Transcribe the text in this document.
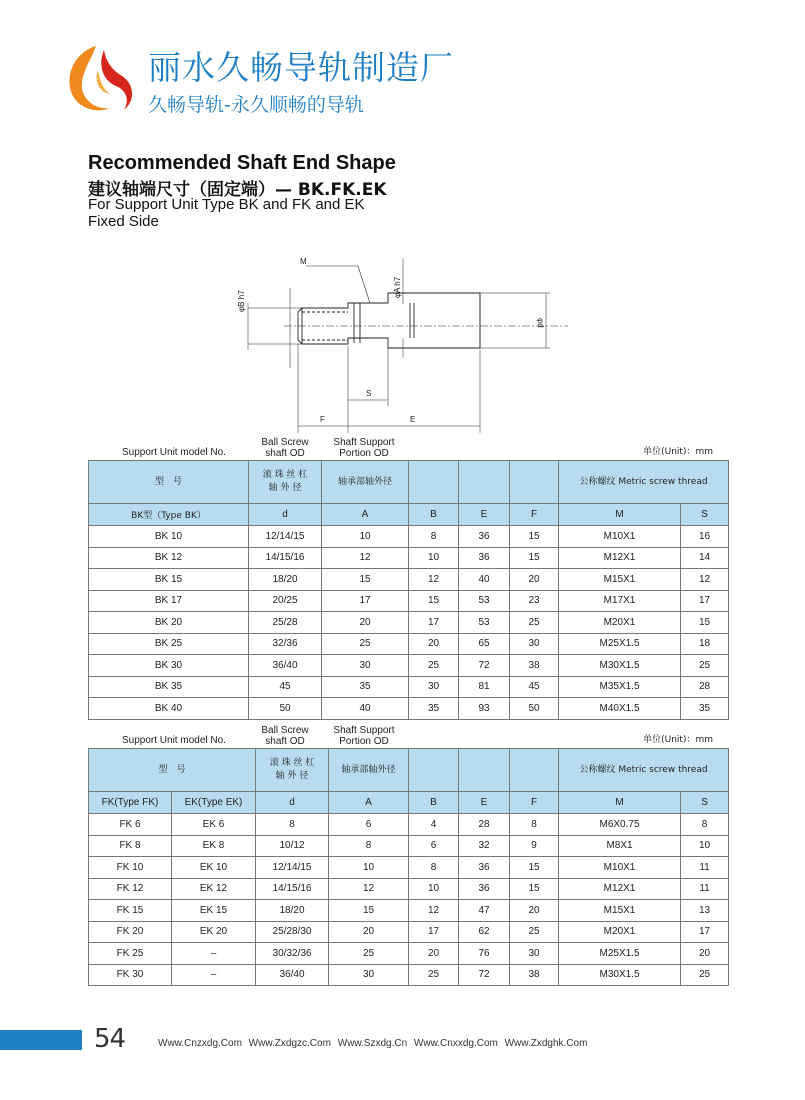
丽水久畅导轨制造厂
久畅导轨-永久顺畅的导轨
Recommended Shaft End Shape
建议轴端尺寸（固定端）— BK.FK.EK
For Support Unit Type BK and FK and EK
Fixed Side
M
φB h7
φA h7
φd
S
F	E
Support Unit model No.
Ball Screw
shaft OD
Shaft Support
Portion OD	单位(Unit)：mm
型　号	滚 珠 丝 杠
轴 外 径	轴承部轴外径				公称螺纹 Metric screw thread	
BK型（Type BK）	d	A	B	E	F	M	S
BK 10	12/14/15	10	8	36	15	M10X1	16
BK 12	14/15/16	12	10	36	15	M12X1	14
BK 15	18/20	15	12	40	20	M15X1	12
BK 17	20/25	17	15	53	23	M17X1	17
BK 20	25/28	20	17	53	25	M20X1	15
BK 25	32/36	25	20	65	30	M25X1.5	18
BK 30	36/40	30	25	72	38	M30X1.5	25
BK 35	45	35	30	81	45	M35X1.5	28
BK 40	50	40	35	93	50	M40X1.5	35
Support Unit model No.
Ball Screw
shaft OD
Shaft Support
Portion OD	单位(Unit)：mm
型　号		滚 珠 丝 杠
轴 外 径	轴承部轴外径				公称螺纹 Metric screw thread	
FK(Type FK)	EK(Type EK)	d	A	B	E	F	M	S
FK 6	EK 6	8	6	4	28	8	M6X0.75	8
FK 8	EK 8	10/12	8	6	32	9	M8X1	10
FK 10	EK 10	12/14/15	10	8	36	15	M10X1	11
FK 12	EK 12	14/15/16	12	10	36	15	M12X1	11
FK 15	EK 15	18/20	15	12	47	20	M15X1	13
FK 20	EK 20	25/28/30	20	17	62	25	M20X1	17
FK 25	–	30/32/36	25	20	76	30	M25X1.5	20
FK 30	–	36/40	30	25	72	38	M30X1.5	25
54	Www.Cnzxdg.Com Www.Zxdgzc.Com Www.Szxdg.Cn Www.Cnxxdg.Com Www.Zxdghk.Com
